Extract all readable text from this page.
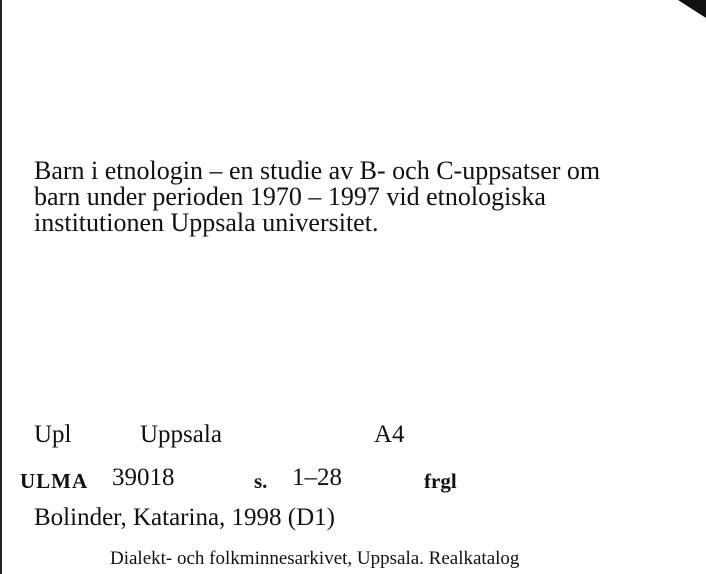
Barn i etnologin – en studie av B- och C-uppsatser om
barn under perioden 1970 – 1997 vid etnologiska
institutionen Uppsala universitet.
Upl	Uppsala	A4
ULMA 39018	s. 1–28	frgl
Bolinder, Katarina, 1998 (D1)
Dialekt- och folkminnesarkivet, Uppsala. Realkatalog
